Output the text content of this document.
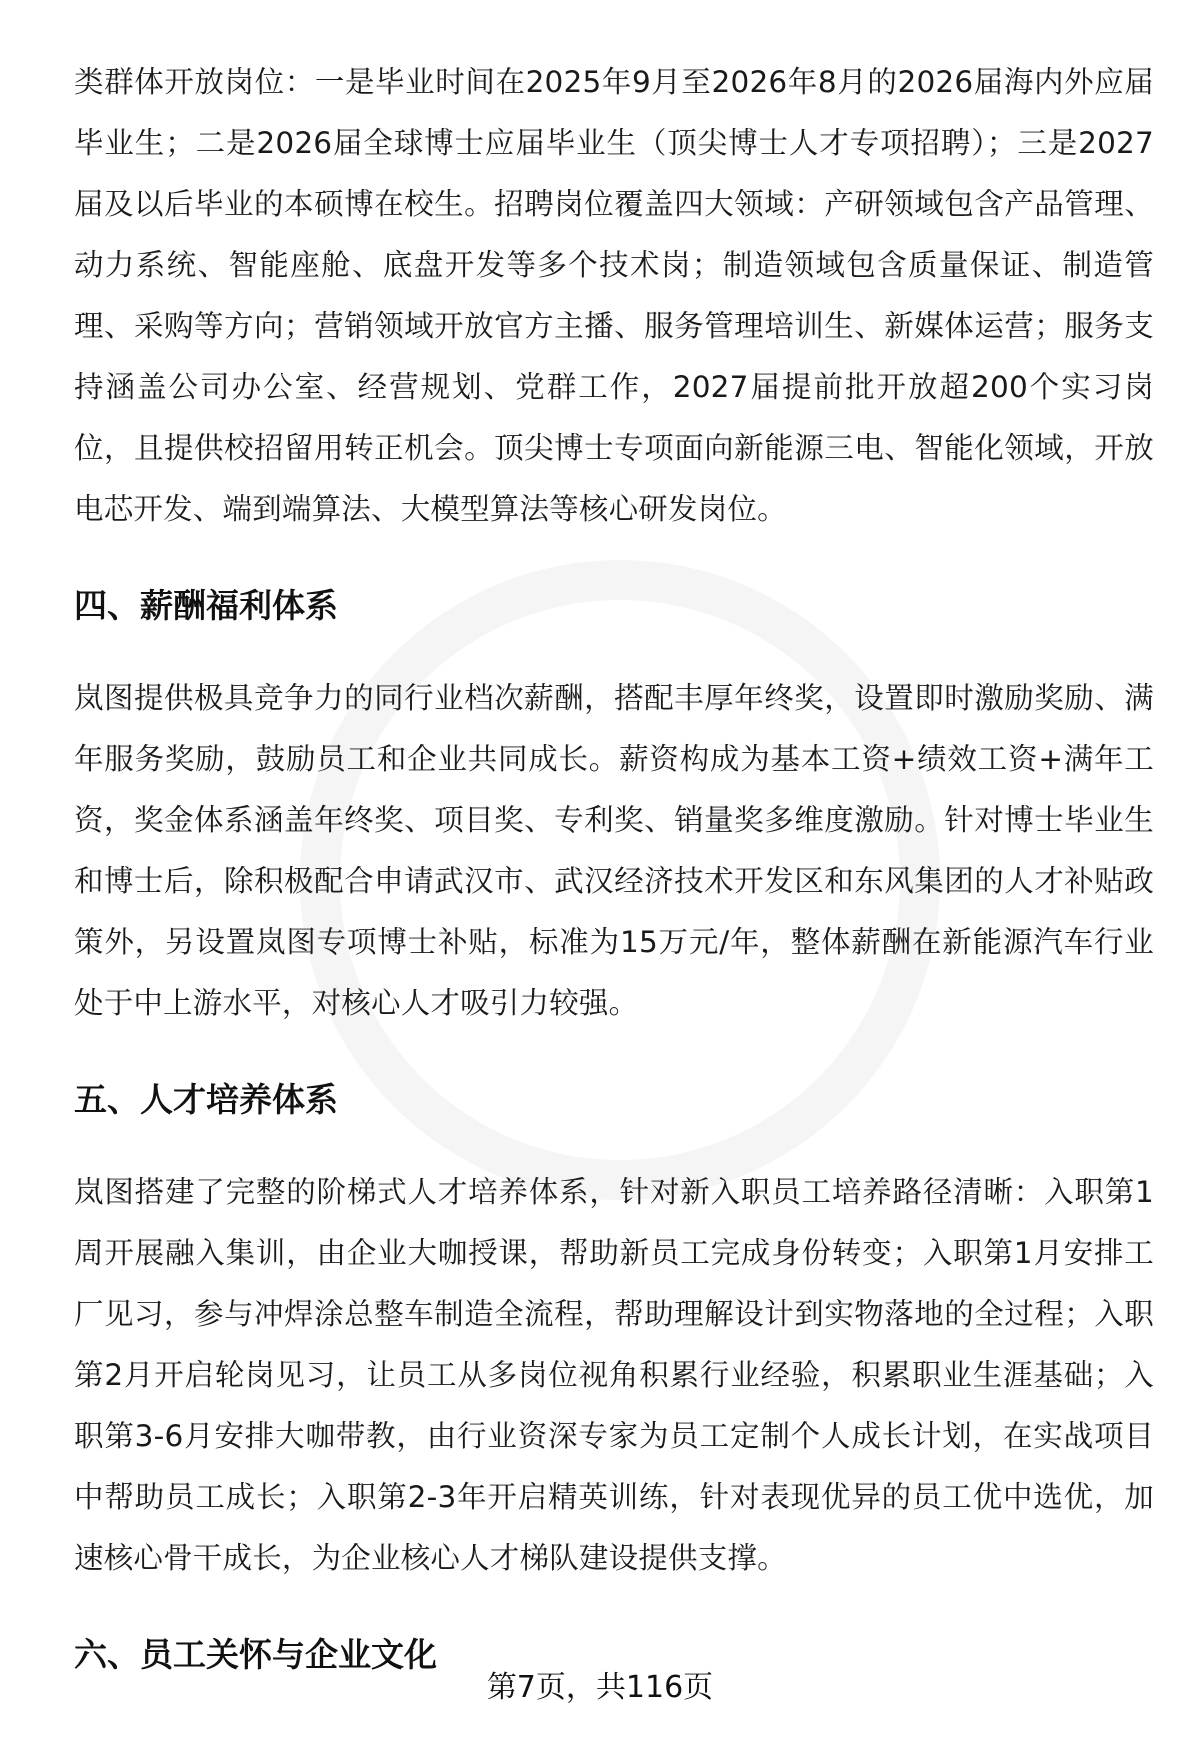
类群体开放岗位：一是毕业时间在2025年9月至2026年8月的2026届海内外应届毕业生；二是2026届全球博士应届毕业生（顶尖博士人才专项招聘）；三是2027届及以后毕业的本硕博在校生。招聘岗位覆盖四大领域：产研领域包含产品管理、动力系统、智能座舱、底盘开发等多个技术岗；制造领域包含质量保证、制造管理、采购等方向；营销领域开放官方主播、服务管理培训生、新媒体运营；服务支持涵盖公司办公室、经营规划、党群工作，2027届提前批开放超200个实习岗位，且提供校招留用转正机会。顶尖博士专项面向新能源三电、智能化领域，开放电芯开发、端到端算法、大模型算法等核心研发岗位。

四、薪酬福利体系

岚图提供极具竞争力的同行业档次薪酬，搭配丰厚年终奖，设置即时激励奖励、满年服务奖励，鼓励员工和企业共同成长。薪资构成为基本工资+绩效工资+满年工资，奖金体系涵盖年终奖、项目奖、专利奖、销量奖多维度激励。针对博士毕业生和博士后，除积极配合申请武汉市、武汉经济技术开发区和东风集团的人才补贴政策外，另设置岚图专项博士补贴，标准为15万元/年，整体薪酬在新能源汽车行业处于中上游水平，对核心人才吸引力较强。

五、人才培养体系

岚图搭建了完整的阶梯式人才培养体系，针对新入职员工培养路径清晰：入职第1周开展融入集训，由企业大咖授课，帮助新员工完成身份转变；入职第1月安排工厂见习，参与冲焊涂总整车制造全流程，帮助理解设计到实物落地的全过程；入职第2月开启轮岗见习，让员工从多岗位视角积累行业经验，积累职业生涯基础；入职第3-6月安排大咖带教，由行业资深专家为员工定制个人成长计划，在实战项目中帮助员工成长；入职第2-3年开启精英训练，针对表现优异的员工优中选优，加速核心骨干成长，为企业核心人才梯队建设提供支撑。

六、员工关怀与企业文化
第7页，共116页
